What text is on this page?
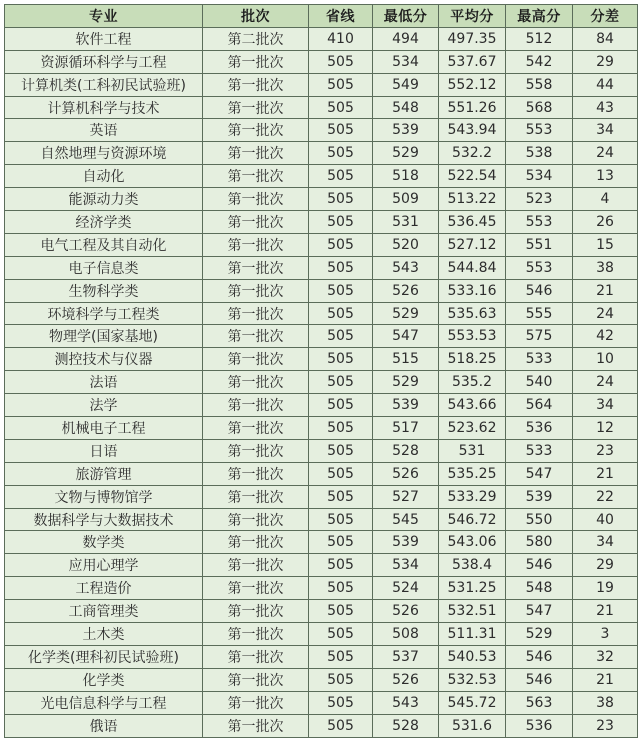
专业	批次	省线	最低分	平均分	最高分	分差
软件工程	第二批次	410	494	497.35	512	84
资源循环科学与工程	第一批次	505	534	537.67	542	29
计算机类(工科初民试验班)	第一批次	505	549	552.12	558	44
计算机科学与技术	第一批次	505	548	551.26	568	43
英语	第一批次	505	539	543.94	553	34
自然地理与资源环境	第一批次	505	529	532.2	538	24
自动化	第一批次	505	518	522.54	534	13
能源动力类	第一批次	505	509	513.22	523	4
经济学类	第一批次	505	531	536.45	553	26
电气工程及其自动化	第一批次	505	520	527.12	551	15
电子信息类	第一批次	505	543	544.84	553	38
生物科学类	第一批次	505	526	533.16	546	21
环境科学与工程类	第一批次	505	529	535.63	555	24
物理学(国家基地)	第一批次	505	547	553.53	575	42
测控技术与仪器	第一批次	505	515	518.25	533	10
法语	第一批次	505	529	535.2	540	24
法学	第一批次	505	539	543.66	564	34
机械电子工程	第一批次	505	517	523.62	536	12
日语	第一批次	505	528	531	533	23
旅游管理	第一批次	505	526	535.25	547	21
文物与博物馆学	第一批次	505	527	533.29	539	22
数据科学与大数据技术	第一批次	505	545	546.72	550	40
数学类	第一批次	505	539	543.06	580	34
应用心理学	第一批次	505	534	538.4	546	29
工程造价	第一批次	505	524	531.25	548	19
工商管理类	第一批次	505	526	532.51	547	21
土木类	第一批次	505	508	511.31	529	3
化学类(理科初民试验班)	第一批次	505	537	540.53	546	32
化学类	第一批次	505	526	532.53	546	21
光电信息科学与工程	第一批次	505	543	545.72	563	38
俄语	第一批次	505	528	531.6	536	23
